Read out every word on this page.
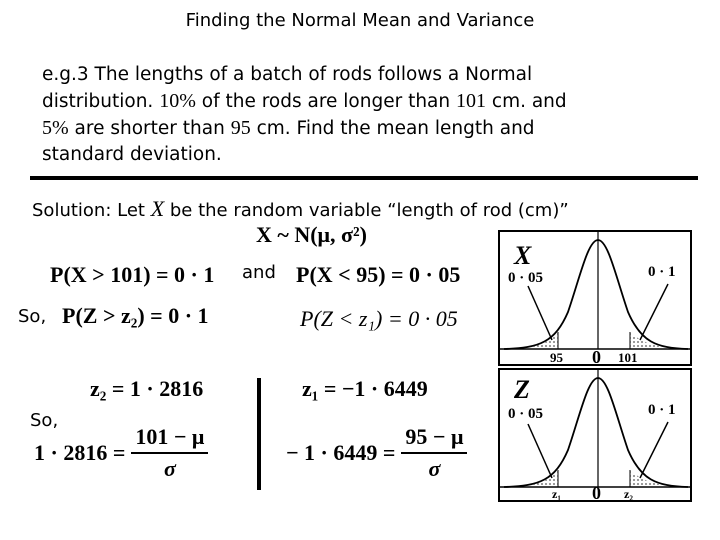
Finding the Normal Mean and Variance
e.g.3 The lengths of a batch of rods follows a Normal
distribution. 10% of the rods are longer than 101 cm. and
5% are shorter than 95 cm. Find the mean length and
standard deviation.
Solution: Let X be the random variable “length of rod (cm)”
X ~ N(μ, σ²)
P(X > 101) = 0 · 1 and P(X < 95) = 0 · 05
So, P(Z > z₂) = 0 · 1	P(Z < z₁) = 0 · 05
z₂ = 1 · 2816	z₁ = −1 · 6449
So,
$1 \cdot 2816 = \frac{101 - \mu}{\sigma}$	− $1 \cdot 6449 = \frac{95 - \mu}{\sigma}$
X
0 · 05	0 · 1
95 0 101
Z
0 · 05	0 · 1
z₁ 0 z₂
